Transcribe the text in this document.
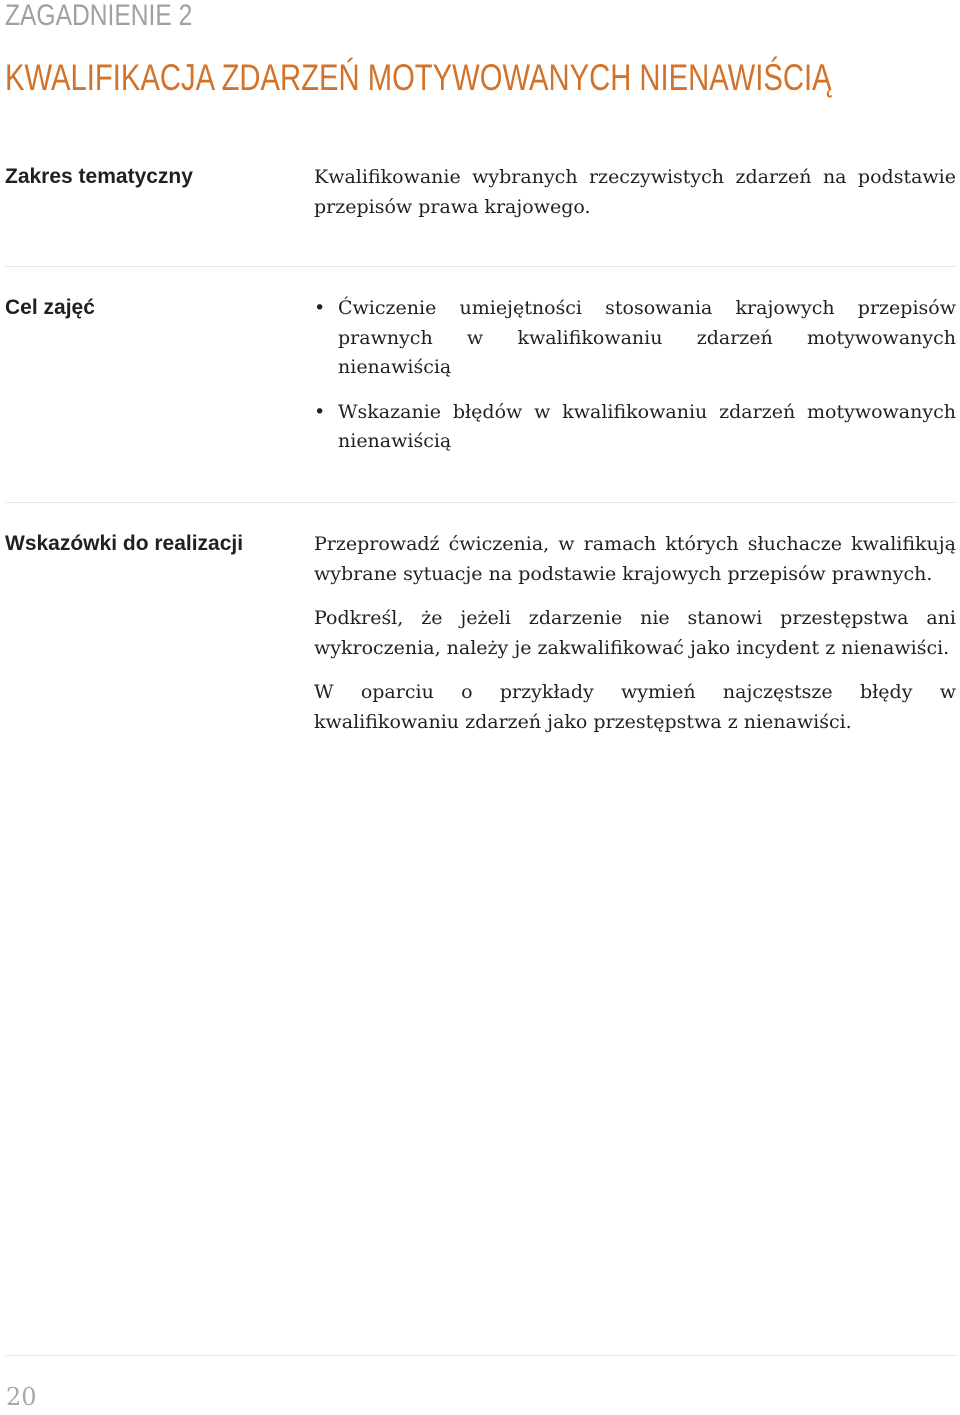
ZAGADNIENIE 2
KWALIFIKACJA ZDARZEŃ MOTYWOWANYCH NIENAWIŚCIĄ
Zakres tematyczny	Kwalifikowanie wybranych rzeczywistych zdarzeń na podstawie przepisów prawa krajowego.

Cel zajęć	• Ćwiczenie umiejętności stosowania krajowych przepisów prawnych w kwalifikowaniu zdarzeń motywowanych nienawiścią
• Wskazanie błędów w kwalifikowaniu zdarzeń motywowanych nienawiścią
Wskazówki do realizacji	Przeprowadź ćwiczenia, w ramach których słuchacze kwalifikują wybrane sytuacje na podstawie krajowych przepisów prawnych.

Podkreśl, że jeżeli zdarzenie nie stanowi przestępstwa ani wykroczenia, należy je zakwalifikować jako incydent z nienawiści.

W oparciu o przykłady wymień najczęstsze błędy w kwalifikowaniu zdarzeń jako przestępstwa z nienawiści.

20
